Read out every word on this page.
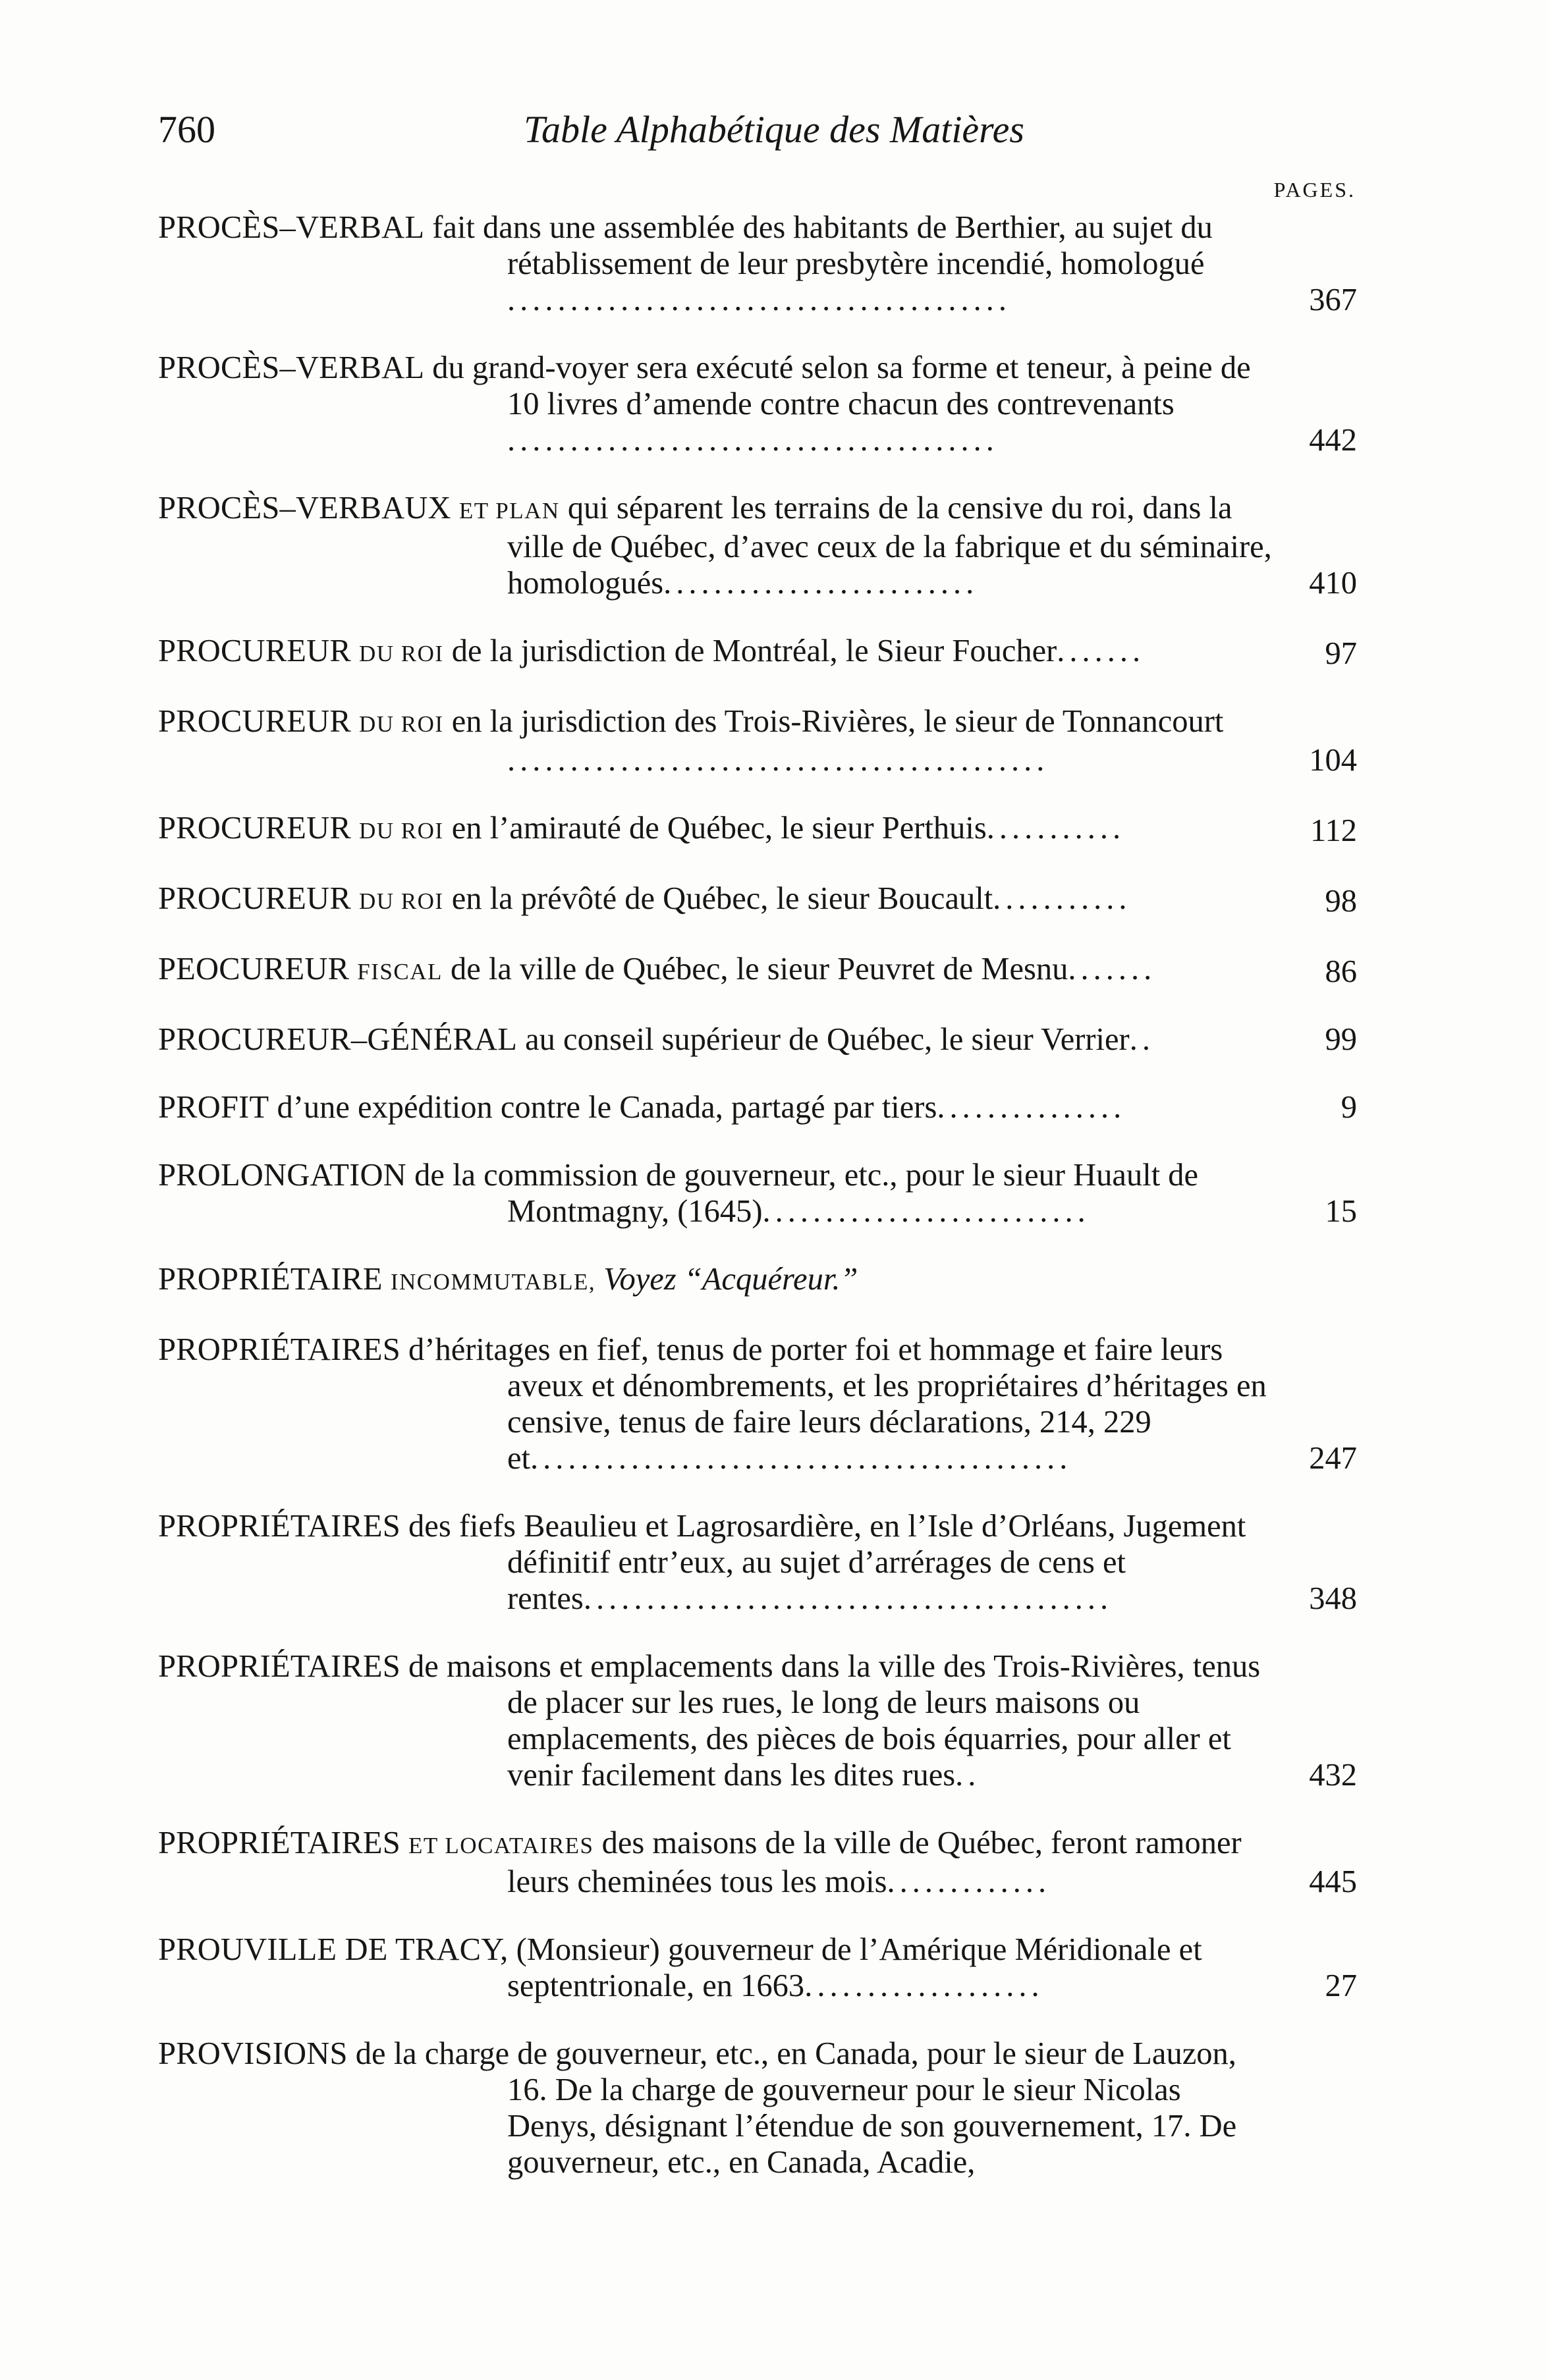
760	Table Alphabétique des Matières
PAGES.
PROCÈS–VERBAL fait dans une assemblée des habitants de Berthier, au sujet du rétablissement de leur presbytère incendié, homologué ........................................	367
PROCÈS–VERBAL du grand-voyer sera exécuté selon sa forme et teneur, à peine de 10 livres d’amende contre chacun des contrevenants .......................................	442
PROCÈS–VERBAUX ET PLAN qui séparent les terrains de la censive du roi, dans la ville de Québec, d’avec ceux de la fabrique et du séminaire, homologués.........................	410
PROCUREUR DU ROI de la jurisdiction de Montréal, le Sieur Foucher.......	97
PROCUREUR DU ROI en la jurisdiction des Trois-Rivières, le sieur de Tonnancourt ...........................................	104
PROCUREUR DU ROI en l’amirauté de Québec, le sieur Perthuis...........	112
PROCUREUR DU ROI en la prévôté de Québec, le sieur Boucault...........	98
PEOCUREUR FISCAL de la ville de Québec, le sieur Peuvret de Mesnu.......	86
PROCUREUR–GÉNÉRAL au conseil supérieur de Québec, le sieur Verrier..	99
PROFIT d’une expédition contre le Canada, partagé par tiers...............	9
PROLONGATION de la commission de gouverneur, etc., pour le sieur Huault de Montmagny, (1645)..........................	15
PROPRIÉTAIRE INCOMMUTABLE, Voyez “Acquéreur.”
PROPRIÉTAIRES d’héritages en fief, tenus de porter foi et hommage et faire leurs aveux et dénombrements, et les propriétaires d’héritages en censive, tenus de faire leurs déclarations, 214, 229 et...........................................	247
PROPRIÉTAIRES des fiefs Beaulieu et Lagrosardière, en l’Isle d’Orléans, Jugement définitif entr’eux, au sujet d’arrérages de cens et rentes..........................................	348
PROPRIÉTAIRES de maisons et emplacements dans la ville des Trois-Rivières, tenus de placer sur les rues, le long de leurs maisons ou emplacements, des pièces de bois équarries, pour aller et venir facilement dans les dites rues..	432
PROPRIÉTAIRES ET LOCATAIRES des maisons de la ville de Québec, feront ramoner leurs cheminées tous les mois.............	445
PROUVILLE DE TRACY, (Monsieur) gouverneur de l’Amérique Méridionale et septentrionale, en 1663...................	27
PROVISIONS de la charge de gouverneur, etc., en Canada, pour le sieur de Lauzon, 16. De la charge de gouverneur pour le sieur Nicolas Denys, désignant l’étendue de son gouvernement, 17. De gouverneur, etc., en Canada, Acadie,
